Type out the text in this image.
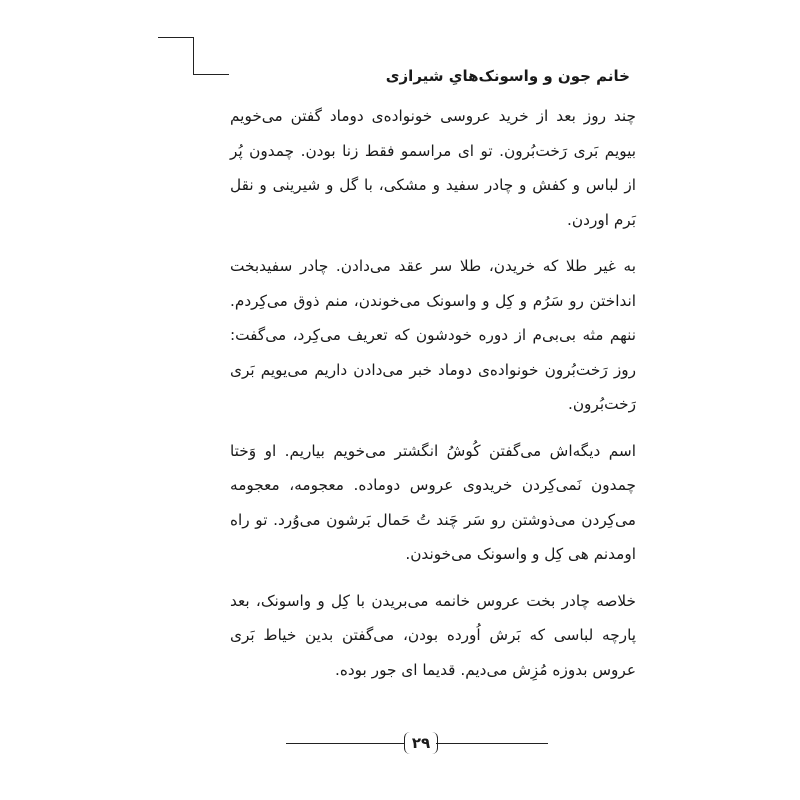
خانم جون و واسونک‌هایِ شیرازی

چند روز بعد از خرید عروسی خونواده‌ی دوماد گفتن می‌خویم بیویم بَری رَخت‌بُرون. تو ای مراسمو فقط زنا بودن. چمدون پُر از لباس و کفش و چادر سفید و مشکی، با گل و شیرینی و نقل بَرم اوردن.

به غیر طلا که خریدن، طلا سر عقد می‌دادن. چادر سفیدبخت انداختن رو سَرُم و کِل و واسونک می‌خوندن، منم ذوق می‌کِردم. ننهم مثه بی‌بی‌م از دوره خودشون که تعریف می‌کِرد، می‌گفت: روز رَخت‌بُرون خونواده‌ی دوماد خبر می‌دادن داریم می‌یویم بَری رَخت‌بُرون.

اسم دیگه‌اش می‌گفتن کُوشُ انگشتر می‌خویم بیاریم. او وَختا چمدون نَمی‌کِردن خریدوی عروس دوماده. معجومه، معجومه می‌کِردن می‌ذوشتن رو سَر چَند تُ حَمال بَرشون می‌وُرد. تو راه اومدنم هی کِل و واسونک می‌خوندن.

خلاصه چادر بخت عروس خانمه می‌بریدن با کِل و واسونک، بعد پارچه لباسی که بَرش اُورده بودن، می‌گفتن بدین خیاط بَری عروس بدوزه مُزِش می‌دیم. قدیما ای جور بوده.

۲۹
